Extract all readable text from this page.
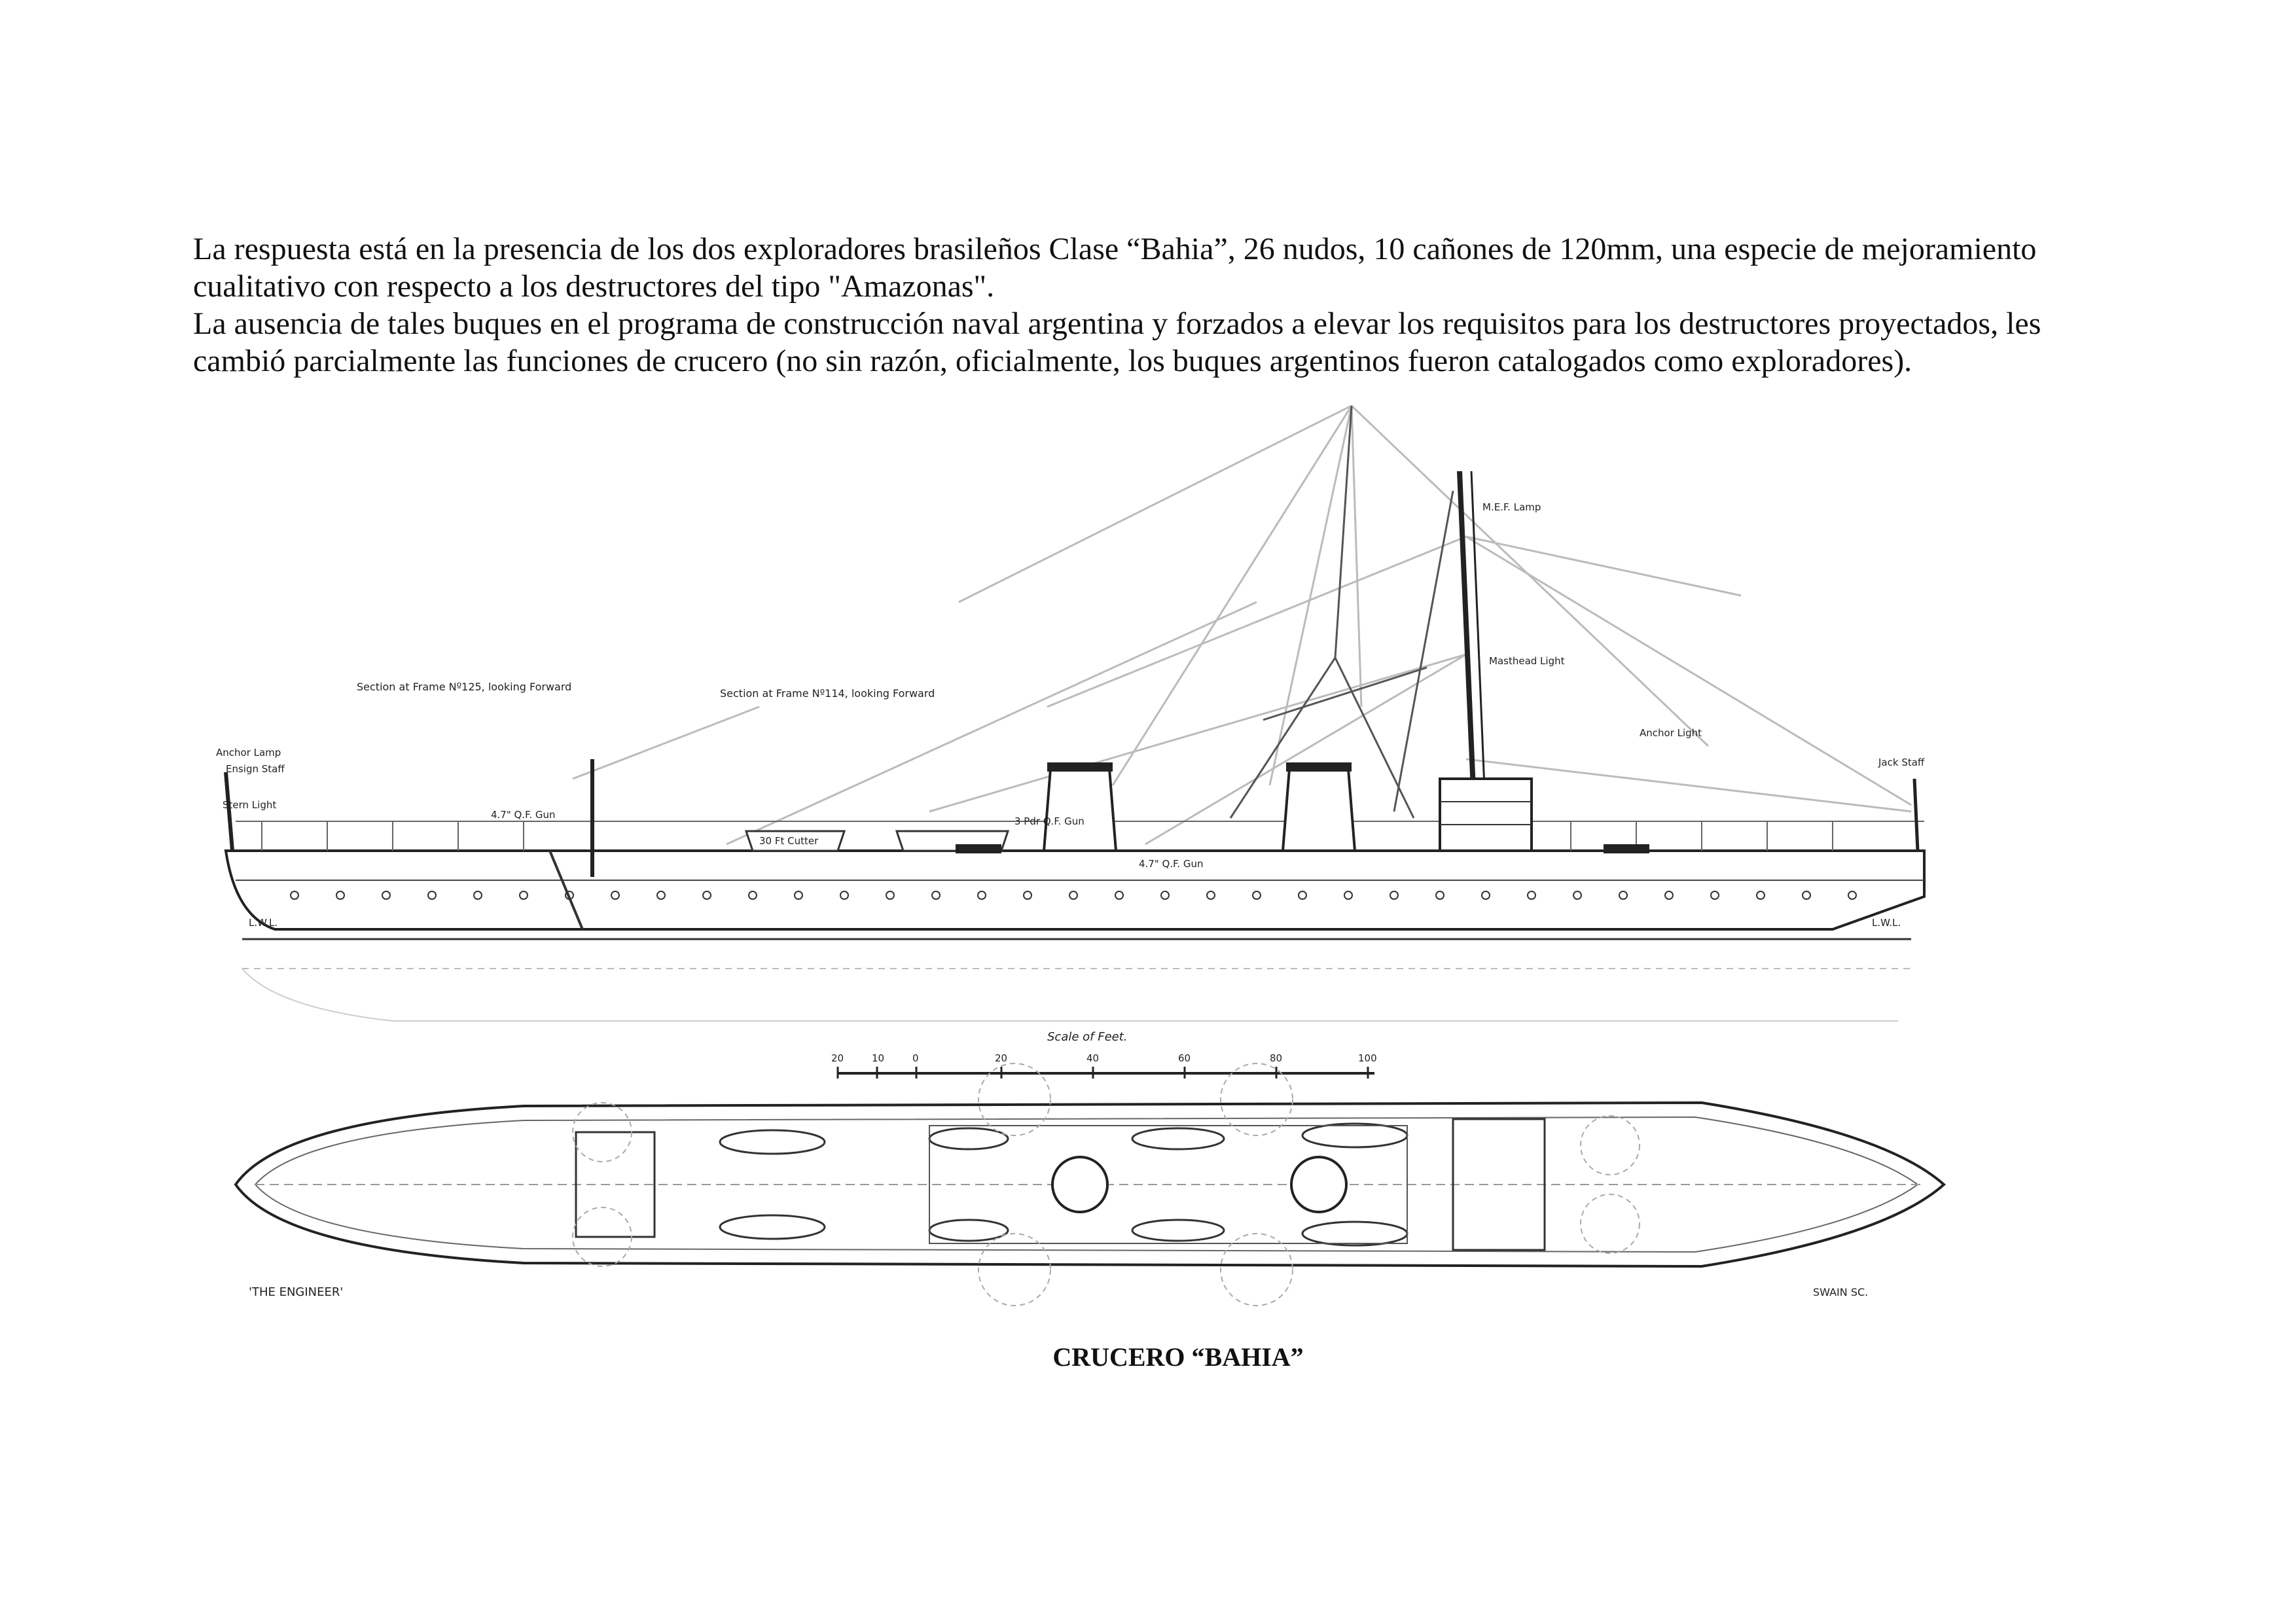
La respuesta está en la presencia de los dos exploradores brasileños Clase “Bahia”, 26 nudos, 10 cañones de 120mm, una especie de mejoramiento cualitativo con respecto a los destructores del tipo "Amazonas".

La ausencia de tales buques en el programa de construcción naval argentina y forzados a elevar los requisitos para los destructores proyectados, les cambió parcialmente las funciones de crucero (no sin razón, oficialmente, los buques argentinos fueron catalogados como exploradores).

Section at Frame Nº125, looking Forward
Section at Frame Nº114, looking Forward
Anchor Lamp
Ensign Staff
Stern Light
M.E.F. Lamp
Masthead Light
Anchor Light
Jack Staff
4.7" Q.F. Gun
4.7" Q.F. Gun
3 Pdr Q.F. Gun
30 Ft Cutter
L.W.L.	L.W.L.
Scale of Feet.
20	10	0	20	40	60	80	100
'THE ENGINEER'	SWAIN SC.
CRUCERO “BAHIA”
